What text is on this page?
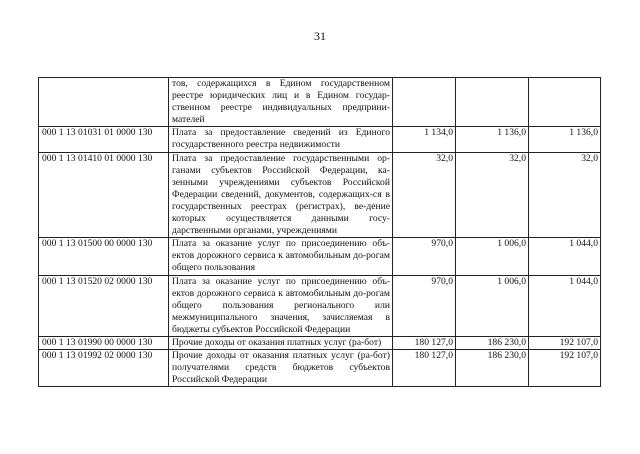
31
	тов, содержащихся в Едином государственном реестре юридических лиц и в Едином государ-ственном реестре индивидуальных предприни-мателей			
000 1 13 01031 01 0000 130	Плата за предоставление сведений из Единого государственного реестра недвижимости	1 134,0	1 136,0	1 136,0
000 1 13 01410 01 0000 130	Плата за предоставление государственными ор-ганами субъектов Российской Федерации, ка-зенными учреждениями субъектов Российской Федерации сведений, документов, содержащих-ся в государственных реестрах (регистрах), ве-дение которых осуществляется данными госу-дарственными органами, учреждениями	32,0	32,0	32,0
000 1 13 01500 00 0000 130	Плата за оказание услуг по присоединению объ-ектов дорожного сервиса к автомобильным до-рогам общего пользования	970,0	1 006,0	1 044,0
000 1 13 01520 02 0000 130	Плата за оказание услуг по присоединению объ-ектов дорожного сервиса к автомобильным до-рогам общего пользования регионального или межмуниципального значения, зачисляемая в бюджеты субъектов Российской Федерации	970,0	1 006,0	1 044,0
000 1 13 01990 00 0000 130	Прочие доходы от оказания платных услуг (ра-бот)	180 127,0	186 230,0	192 107,0
000 1 13 01992 02 0000 130	Прочие доходы от оказания платных услуг (ра-бот) получателями средств бюджетов субъектов Российской Федерации	180 127,0	186 230,0	192 107,0
